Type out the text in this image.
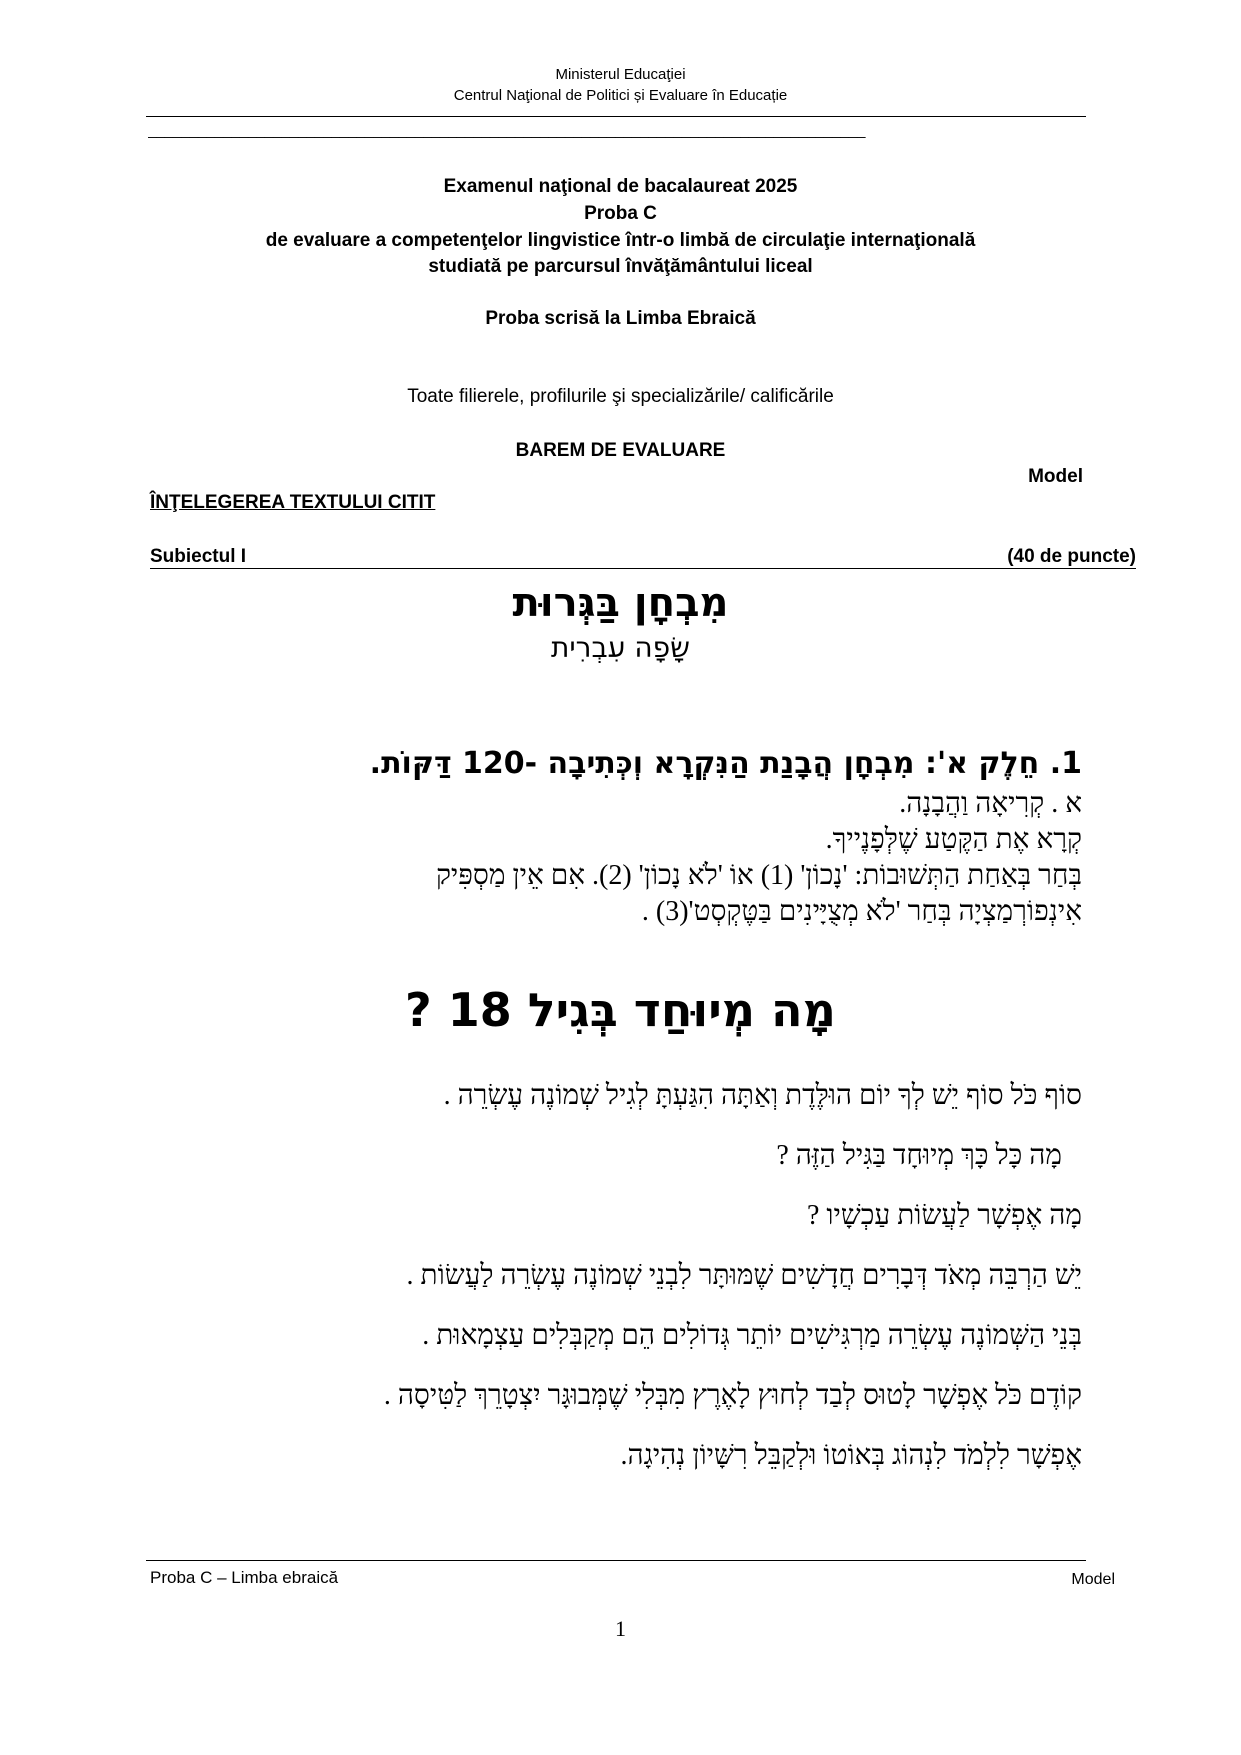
Ministerul Educaţiei
Centrul Naţional de Politici și Evaluare în Educație
______________________________________________________________________________________
Examenul naţional de bacalaureat 2025
Proba C
de evaluare a competenţelor lingvistice într-o limbă de circulaţie internaţională
studiată pe parcursul învăţământului liceal
Proba scrisă la Limba Ebraică
Toate filierele, profilurile şi specializările/ calificările
BAREM DE EVALUARE
Model
ÎNŢELEGEREA TEXTULUI CITIT
Subiectul I	(40 de puncte)
מִבְחָן בַּגְּרוּת
שָׂפָה עִבְרִית
1. חֵלֶק א': מִבְחָן הֲבָנַת הַנִּקְרָא וְכְּתִיבָה -120 דַּקּוֹת.
א . קְרִיאָה וַהֲבָנָה.
קְרָא אֶת הַקֶּטַע שֶׁלְּפָנֶייךָ.
בְּחַר בְּאַחַת הַתְּשׁוּבוֹת: 'נָכוֹן' (1) אוֹ 'לֹא נָכוֹן' (2). אִם אֵין מַסְפִּיק
אִינְפוֹרְמַצְיָה בְּחַר 'לֹא מְצֻיָּינִים בַּטֶּקְסְט'(3) .
מָה מְיוּחַד בְּגִיל 18 ?
סוֹף כֹּל סוֹף יֵשׁ לְךָ יוֹם הוּלֶּדֶת וְאַתָּה הִגַּעְתָּ לְגִיל שְׁמוֹנֶה עֶשְׂרֵה .
מָה כָּל כָּךְ מְיוּחָד בַּגִּיל הַזֶּה ?
מָה אֶפְשָׁר לַעֲשׂוֹת עַכְשָׁיו ?
יֵשׁ הַרְבֵּה מְאֹד דְּבָרִים חֲדָשִׁים שֶׁמּוּתָּר לִבְנֵי שְׁמוֹנֶה עֶשְׂרֵה לַעֲשׂוֹת .
בְּנֵי הַשְּׁמוֹנֶה עֶשְׂרֵה מַרְגִּישִׁים יוֹתֵר גְּדוֹלִים הֵם מְקַבְּלִים עַצְמָאוּת .
קוֹדֶם כֹּל אֶפְשָׁר לָטוּס לְבַד לְחוּץ לָאֶרֶץ מִבְּלִי שֶׁמְּבוּגָּר יִצְטָרֵךְ לַטִּיסָה .
אֶפְשָׁר לִלְמֹד לִנְהוֹג בְּאוֹטוֹ וּלְקַבֵּל רִשָּׁיוֹן נְהִיגָה.
Proba C – Limba ebraică	Model
1
